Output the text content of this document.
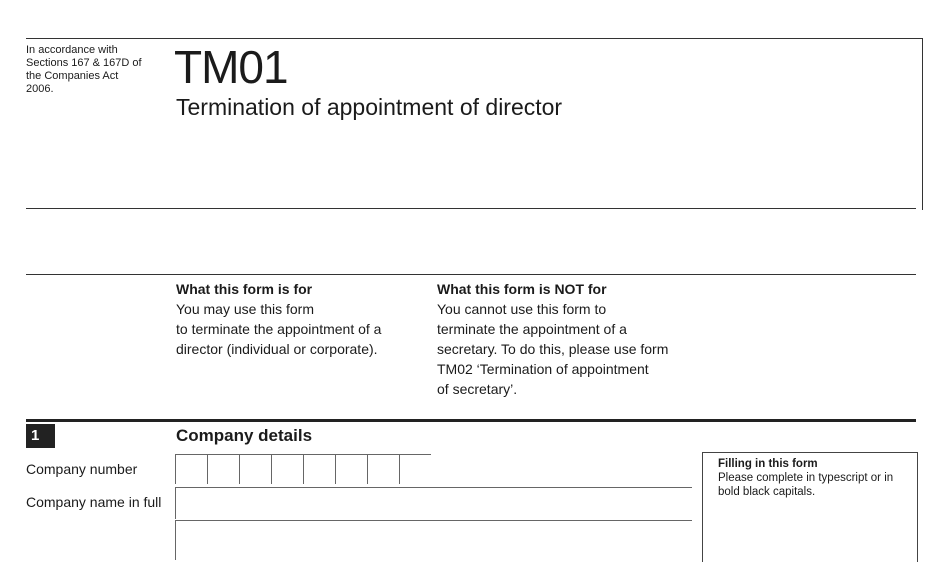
In accordance with Sections 167 & 167D of the Companies Act 2006.	TM01
Termination of appointment of director
What this form is for
You may use this form
to terminate the appointment of a
director (individual or corporate).
What this form is NOT for
You cannot use this form to
terminate the appointment of a
secretary. To do this, please use form
TM02 ‘Termination of appointment
of secretary’.
1	Company details
Company number
Company name in full
Filling in this form
Please complete in typescript or in bold black capitals.
